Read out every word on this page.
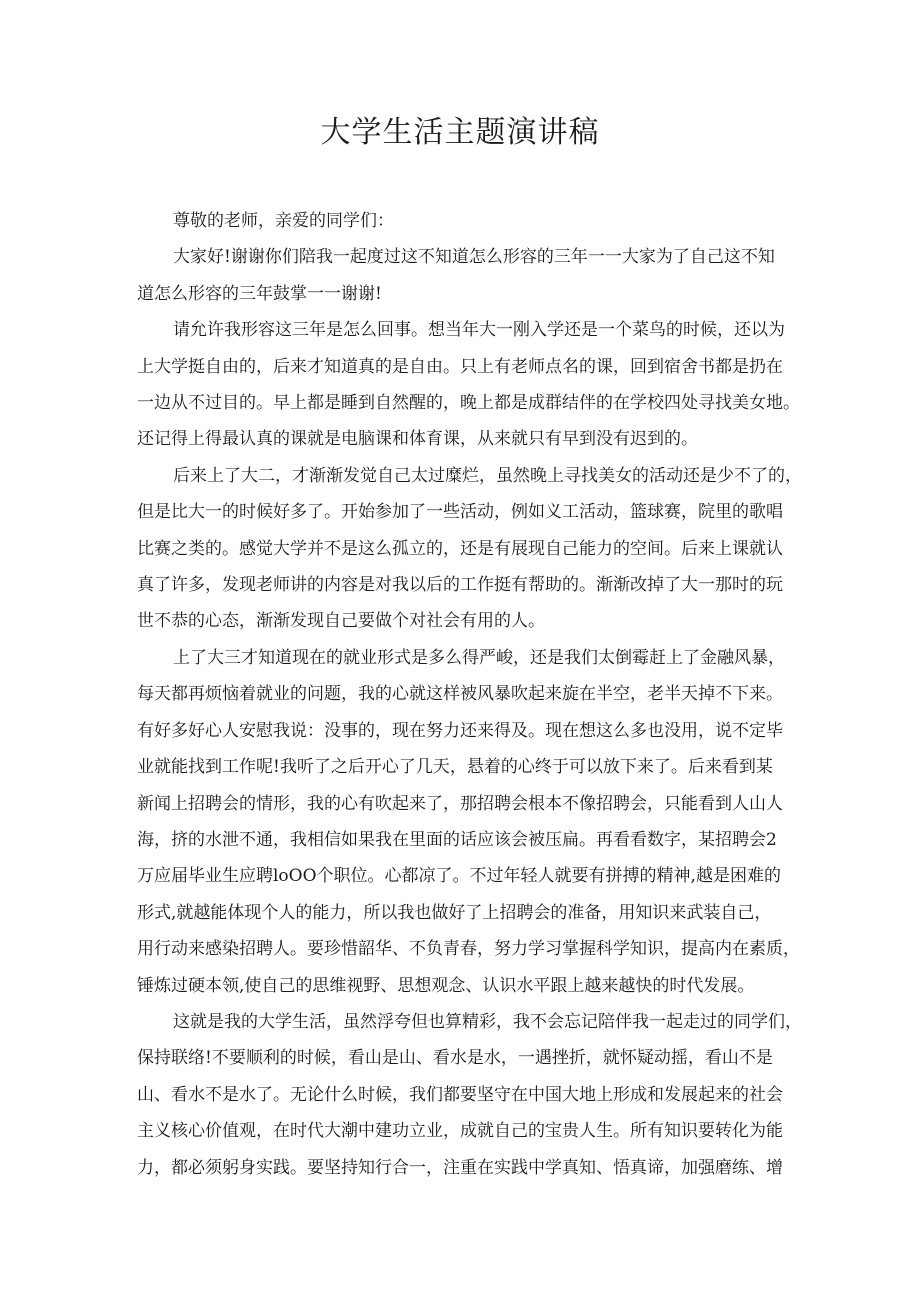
大学生活主题演讲稿

尊敬的老师，亲爱的同学们：

大家好!谢谢你们陪我一起度过这不知道怎么形容的三年一一大家为了自己这不知
道怎么形容的三年鼓掌一一谢谢!
请允许我形容这三年是怎么回事。想当年大一刚入学还是一个菜鸟的时候，还以为
上大学挺自由的，后来才知道真的是自由。只上有老师点名的课，回到宿舍书都是扔在
一边从不过目的。早上都是睡到自然醒的，晚上都是成群结伴的在学校四处寻找美女地。
还记得上得最认真的课就是电脑课和体育课，从来就只有早到没有迟到的。
后来上了大二，才渐渐发觉自己太过糜烂，虽然晚上寻找美女的活动还是少不了的，
但是比大一的时候好多了。开始参加了一些活动，例如义工活动，篮球赛，院里的歌唱
比赛之类的。感觉大学并不是这么孤立的，还是有展现自己能力的空间。后来上课就认
真了许多，发现老师讲的内容是对我以后的工作挺有帮助的。渐渐改掉了大一那时的玩
世不恭的心态，渐渐发现自己要做个对社会有用的人。
上了大三才知道现在的就业形式是多么得严峻，还是我们太倒霉赶上了金融风暴，
每天都再烦恼着就业的问题，我的心就这样被风暴吹起来旋在半空，老半天掉不下来。
有好多好心人安慰我说：没事的，现在努力还来得及。现在想这么多也没用，说不定毕
业就能找到工作呢!我听了之后开心了几天，悬着的心终于可以放下来了。后来看到某
新闻上招聘会的情形，我的心有吹起来了，那招聘会根本不像招聘会，只能看到人山人
海，挤的水泄不通，我相信如果我在里面的话应该会被压扁。再看看数字，某招聘会2
万应届毕业生应聘loOO个职位。心都凉了。不过年轻人就要有拼搏的精神,越是困难的
形式,就越能体现个人的能力，所以我也做好了上招聘会的准备，用知识来武装自己，
用行动来感染招聘人。要珍惜韶华、不负青春，努力学习掌握科学知识，提高内在素质，
锤炼过硬本领,使自己的思维视野、思想观念、认识水平跟上越来越快的时代发展。
这就是我的大学生活，虽然浮夸但也算精彩，我不会忘记陪伴我一起走过的同学们，
保持联络!不要顺利的时候，看山是山、看水是水，一遇挫折，就怀疑动摇，看山不是
山、看水不是水了。无论什么时候，我们都要坚守在中国大地上形成和发展起来的社会
主义核心价值观，在时代大潮中建功立业，成就自己的宝贵人生。所有知识要转化为能
力，都必须躬身实践。要坚持知行合一，注重在实践中学真知、悟真谛，加强磨练、增
